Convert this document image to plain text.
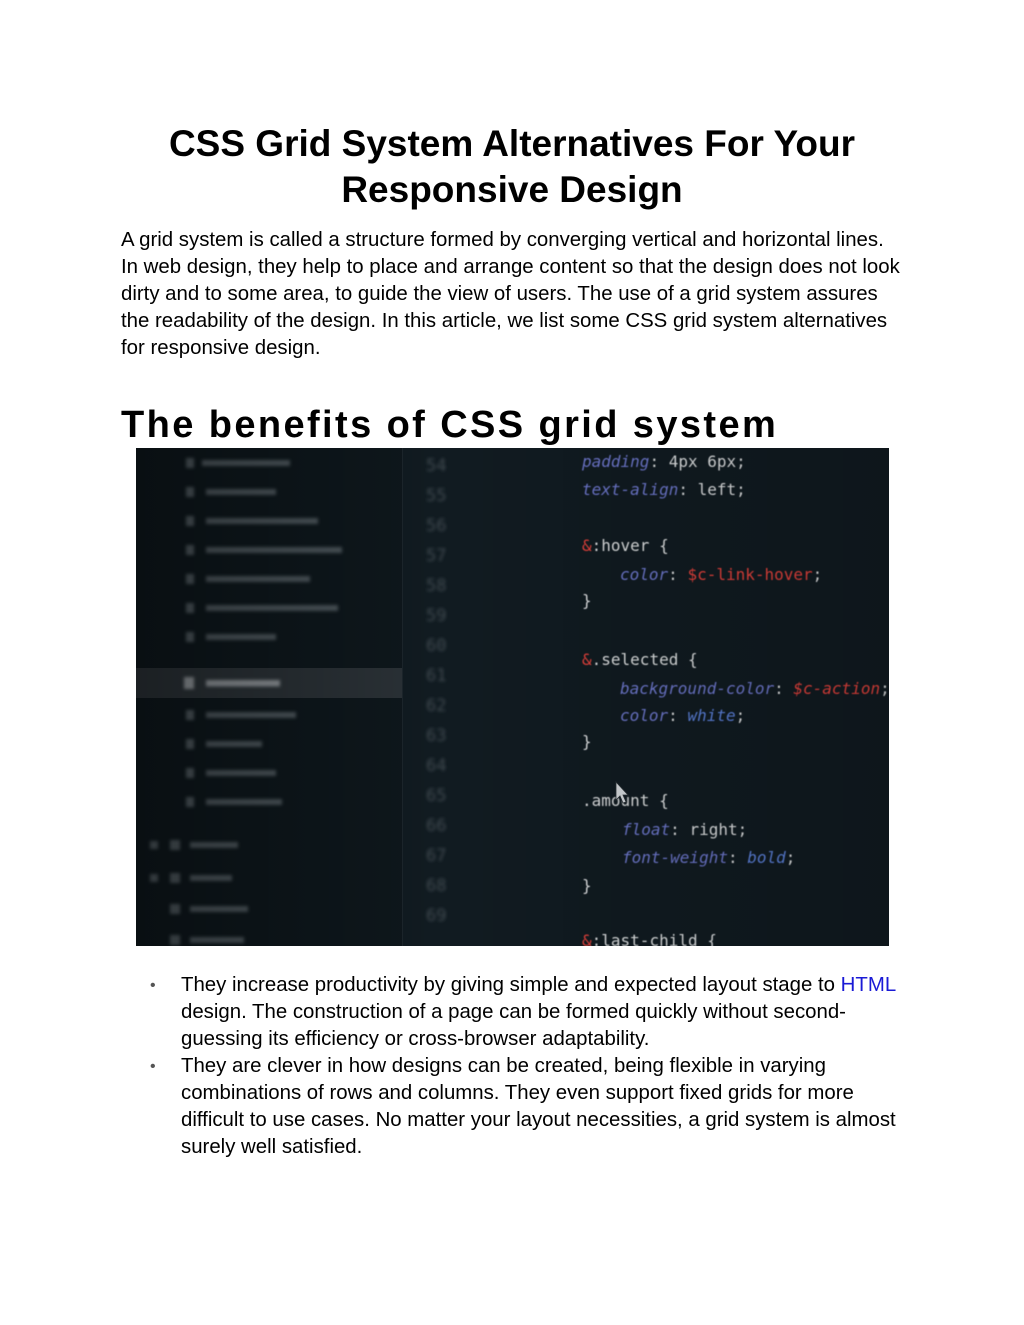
CSS Grid System Alternatives For Your Responsive Design

A grid system is called a structure formed by converging vertical and horizontal lines. In web design, they help to place and arrange content so that the design does not look dirty and to some area, to guide the view of users. The use of a grid system assures the readability of the design. In this article, we list some CSS grid system alternatives for responsive design.

The benefits of CSS grid system
• They increase productivity by giving simple and expected layout stage to HTML design. The construction of a page can be formed quickly without second-guessing its efficiency or cross-browser adaptability.
• They are clever in how designs can be created, being flexible in varying combinations of rows and columns. They even support fixed grids for more difficult to use cases. No matter your layout necessities, a grid system is almost surely well satisfied.
